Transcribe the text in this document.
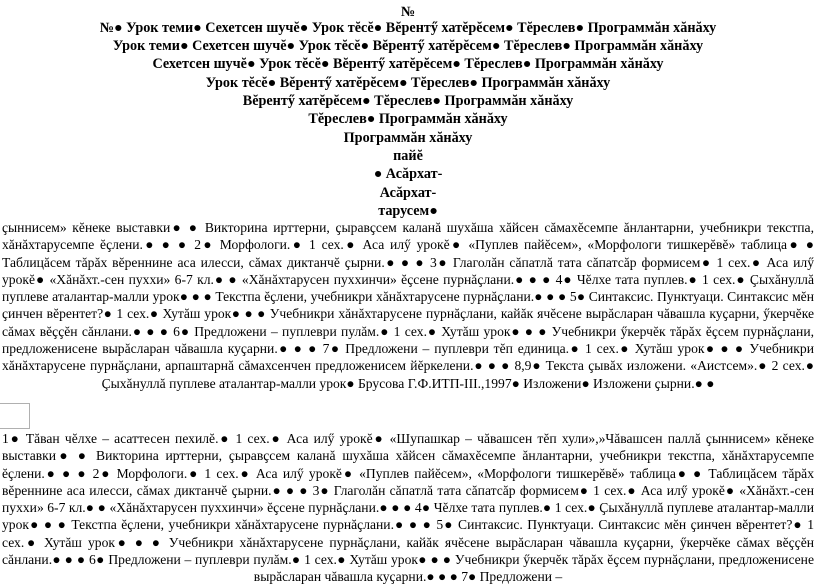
№
№● Урок теми● Сехетсен шучĕ● Урок тĕсĕ● Вĕрентӳ хатĕрĕсем● Тĕреслев● Программăн хăнăху
Урок теми● Сехетсен шучĕ● Урок тĕсĕ● Вĕрентӳ хатĕрĕсем● Тĕреслев● Программăн хăнăху
Сехетсен шучĕ● Урок тĕсĕ● Вĕрентӳ хатĕрĕсем● Тĕреслев● Программăн хăнăху
Урок тĕсĕ● Вĕрентӳ хатĕрĕсем● Тĕреслев● Программăн хăнăху
Вĕрентӳ хатĕрĕсем● Тĕреслев● Программăн хăнăху
Тĕреслев● Программăн хăнăху
Программăн хăнăху
пайĕ
● Асăрхат-
Асăрхат-
тарусем●
ҫыннисем» кĕнеке выставки● ● Викторина ирттерни, ҫыравҫсем каланă шухăша хăйсен сăмахĕсемпе ăнлантарни, учебникри текстпа, хăнăхтарусемпе ĕҫлени.● ● ● 2● Морфологи.● 1 сех.● Аса илӳ урокĕ● «Пуплев пайĕсем», «Морфологи тишкерĕвĕ» таблица● ● Таблицăсем тăрăх вĕреннине аса илесси, сăмах диктанчĕ ҫырни.● ● ● 3● Глаголăн сăпатлă тата сăпатсăр формисем● 1 сех.● Аса илӳ урокĕ● «Хăнăхт.-сен пуххи» 6-7 кл.● ● «Хăнăхтарусен пуххинчи» ĕҫсене пурнăҫлани.● ● ● 4● Чĕлхе тата пуплев.● 1 сех.● Ҫыхăнуллă пуплеве аталантар-малли урок● ● ● Текстпа ĕҫлени, учебникри хăнăхтарусене пурнăҫлани.● ● ● 5● Синтаксис. Пунктуаци. Синтаксис мĕн ҫинчен вĕрентет?● 1 сех.● Хутăш урок● ● ● Учебникри хăнăхтарусене пурнăҫлани, кайăк ячĕсене вырăсларан чăвашла куҫарни, ӳкерчĕке сăмах вĕҫҫĕн сăнлани.● ● ● 6● Предложени – пуплеври пулăм.● 1 сех.● Хутăш урок● ● ● Учебникри ӳкерчĕк тăрăх ĕҫсем пурнăҫлани, предложенисене вырăсларан чăвашла куҫарни.● ● ● 7● Предложени – пуплеври тĕп единица.● 1 сех.● Хутăш урок● ● ● Учебникри хăнăхтарусене пурнăҫлани, арпаштарнă сăмахсенчен предложенисем йĕркелени.● ● ● 8,9● Текста ҫывăх изложени. «Аистсем».● 2 сех.● Ҫыхăнуллă пуплеве аталантар-малли урок● Брусова Г.Ф.ИТП-III.,1997● Изложени● Изложени ҫырни.● ●
1● Тăван чĕлхе – асаттесен пехилĕ.● 1 сех.● Аса илӳ урокĕ● «Шупашкар – чăвашсен тĕп хули»,»Чăвашсен паллă ҫыннисем» кĕнеке выставки● ● Викторина ирттерни, ҫыравҫсем каланă шухăша хăйсен сăмахĕсемпе ăнлантарни, учебникри текстпа, хăнăхтарусемпе ĕҫлени.● ● ● 2● Морфологи.● 1 сех.● Аса илӳ урокĕ● «Пуплев пайĕсем», «Морфологи тишкерĕвĕ» таблица● ● Таблицăсем тăрăх вĕреннине аса илесси, сăмах диктанчĕ ҫырни.● ● ● 3● Глаголăн сăпатлă тата сăпатсăр формисем● 1 сех.● Аса илӳ урокĕ● «Хăнăхт.-сен пуххи» 6-7 кл.● ● «Хăнăхтарусен пуххинчи» ĕҫсене пурнăҫлани.● ● ● 4● Чĕлхе тата пуплев.● 1 сех.● Ҫыхăнуллă пуплеве аталантар-малли урок● ● ● Текстпа ĕҫлени, учебникри хăнăхтарусене пурнăҫлани.● ● ● 5● Синтаксис. Пунктуаци. Синтаксис мĕн ҫинчен вĕрентет?● 1 сех.● Хутăш урок● ● ● Учебникри хăнăхтарусене пурнăҫлани, кайăк ячĕсене вырăсларан чăвашла куҫарни, ӳкерчĕке сăмах вĕҫҫĕн сăнлани.● ● ● 6● Предложени – пуплеври пулăм.● 1 сех.● Хутăш урок● ● ● Учебникри ӳкерчĕк тăрăх ĕҫсем пурнăҫлани, предложенисене вырăсларан чăвашла куҫарни.● ● ● 7● Предложени –
